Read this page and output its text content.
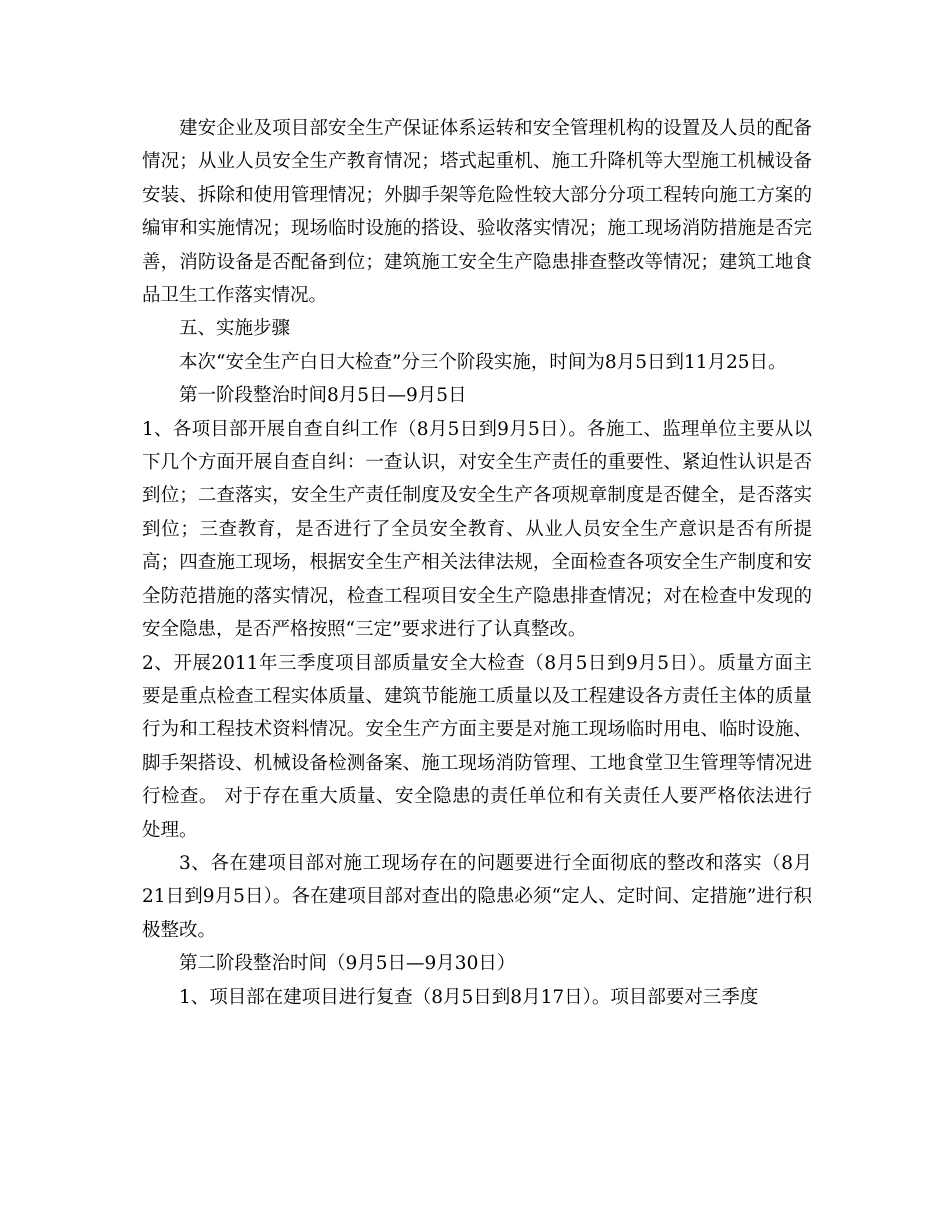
建安企业及项目部安全生产保证体系运转和安全管理机构的设置及人员的配备情况；从业人员安全生产教育情况；塔式起重机、施工升降机等大型施工机械设备安装、拆除和使用管理情况；外脚手架等危险性较大部分分项工程转向施工方案的编审和实施情况；现场临时设施的搭设、验收落实情况；施工现场消防措施是否完善，消防设备是否配备到位；建筑施工安全生产隐患排查整改等情况；建筑工地食品卫生工作落实情况。

五、实施步骤

本次“安全生产白日大检查”分三个阶段实施，时间为8月5日到11月25日。

第一阶段整治时间8月5日—9月5日

1、各项目部开展自查自纠工作（8月5日到9月5日）。各施工、监理单位主要从以下几个方面开展自查自纠：一查认识，对安全生产责任的重要性、紧迫性认识是否到位；二查落实，安全生产责任制度及安全生产各项规章制度是否健全，是否落实到位；三查教育，是否进行了全员安全教育、从业人员安全生产意识是否有所提高；四查施工现场，根据安全生产相关法律法规，全面检查各项安全生产制度和安全防范措施的落实情况，检查工程项目安全生产隐患排查情况；对在检查中发现的安全隐患，是否严格按照“三定”要求进行了认真整改。

2、开展2011年三季度项目部质量安全大检查（8月5日到9月5日）。质量方面主要是重点检查工程实体质量、建筑节能施工质量以及工程建设各方责任主体的质量行为和工程技术资料情况。安全生产方面主要是对施工现场临时用电、临时设施、脚手架搭设、机械设备检测备案、施工现场消防管理、工地食堂卫生管理等情况进行检查。 对于存在重大质量、安全隐患的责任单位和有关责任人要严格依法进行处理。

3、各在建项目部对施工现场存在的问题要进行全面彻底的整改和落实（8月21日到9月5日）。各在建项目部对查出的隐患必须“定人、定时间、定措施”进行积极整改。

第二阶段整治时间（9月5日—9月30日）

1、项目部在建项目进行复查（8月5日到8月17日）。项目部要对三季度
